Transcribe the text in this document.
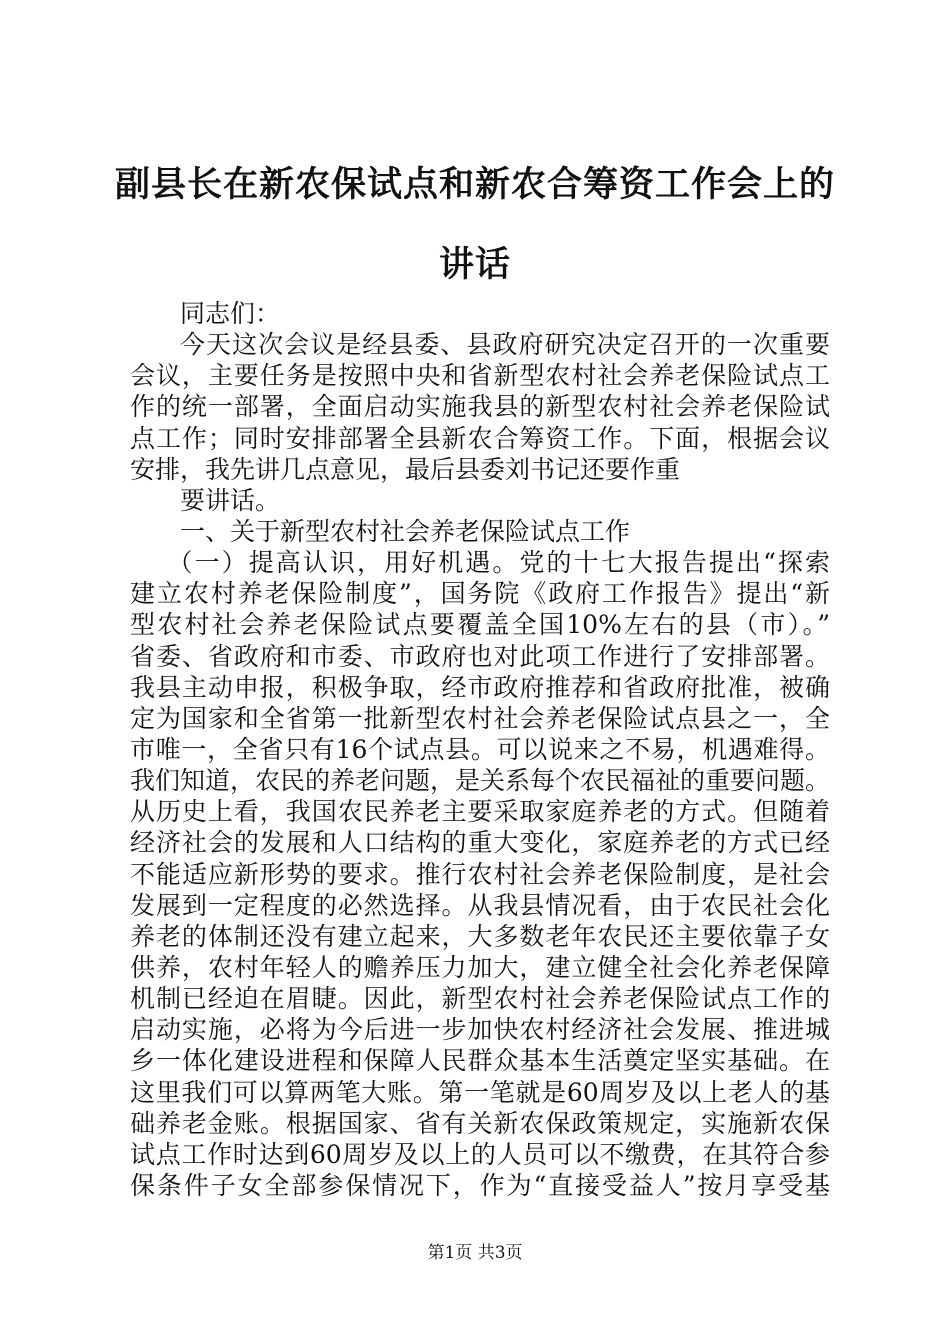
副县长在新农保试点和新农合筹资工作会上的
讲话
同志们：
今天这次会议是经县委、县政府研究决定召开的一次重要
会议，主要任务是按照中央和省新型农村社会养老保险试点工
作的统一部署，全面启动实施我县的新型农村社会养老保险试
点工作；同时安排部署全县新农合筹资工作。下面，根据会议
安排，我先讲几点意见，最后县委刘书记还要作重
要讲话。
一、关于新型农村社会养老保险试点工作
（一）提高认识，用好机遇。党的十七大报告提出“探索
建立农村养老保险制度”，国务院《政府工作报告》提出“新
型农村社会养老保险试点要覆盖全国10%左右的县（市）。”
省委、省政府和市委、市政府也对此项工作进行了安排部署。
我县主动申报，积极争取，经市政府推荐和省政府批准，被确
定为国家和全省第一批新型农村社会养老保险试点县之一，全
市唯一，全省只有16个试点县。可以说来之不易，机遇难得。
我们知道，农民的养老问题，是关系每个农民福祉的重要问题。
从历史上看，我国农民养老主要采取家庭养老的方式。但随着
经济社会的发展和人口结构的重大变化，家庭养老的方式已经
不能适应新形势的要求。推行农村社会养老保险制度，是社会
发展到一定程度的必然选择。从我县情况看，由于农民社会化
养老的体制还没有建立起来，大多数老年农民还主要依靠子女
供养，农村年轻人的赡养压力加大，建立健全社会化养老保障
机制已经迫在眉睫。因此，新型农村社会养老保险试点工作的
启动实施，必将为今后进一步加快农村经济社会发展、推进城
乡一体化建设进程和保障人民群众基本生活奠定坚实基础。在
这里我们可以算两笔大账。第一笔就是60周岁及以上老人的基
础养老金账。根据国家、省有关新农保政策规定，实施新农保
试点工作时达到60周岁及以上的人员可以不缴费，在其符合参
保条件子女全部参保情况下，作为“直接受益人”按月享受基
第1页 共3页
